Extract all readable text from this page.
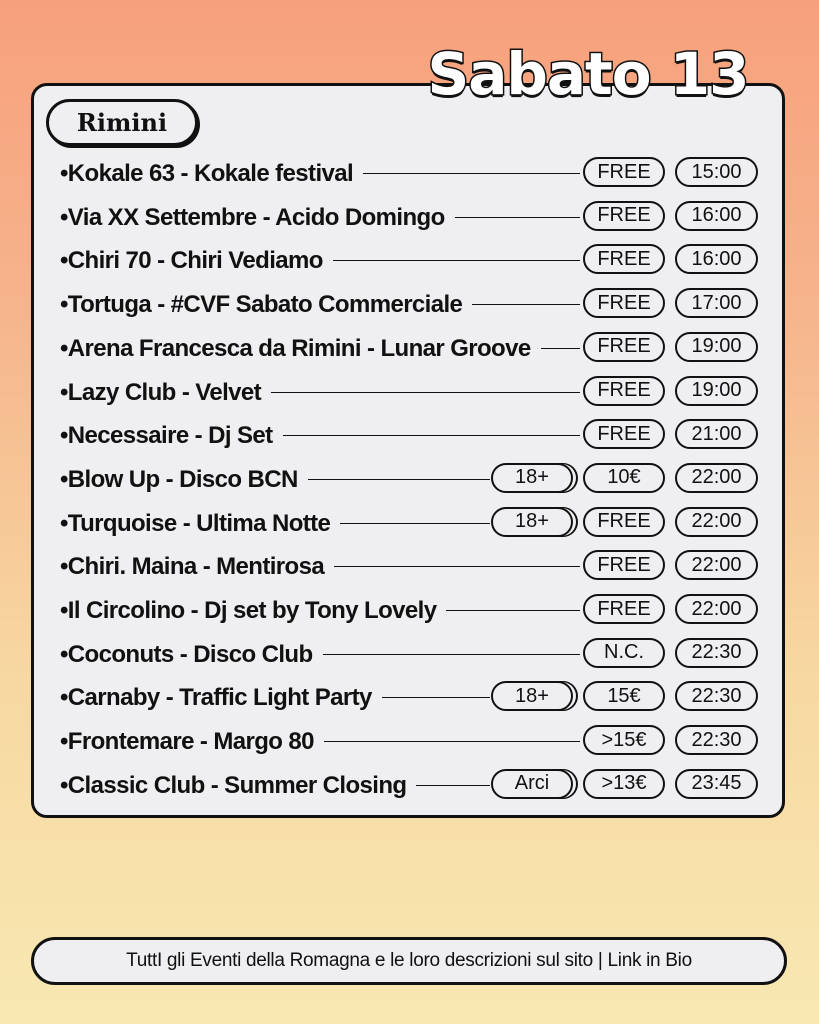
Sabato 13
Rimini
•Kokale 63 - Kokale festival	FREE	15:00
•Via XX Settembre - Acido Domingo	FREE	16:00
•Chiri 70 - Chiri Vediamo	FREE	16:00
•Tortuga - #CVF Sabato Commerciale	FREE	17:00
•Arena Francesca da Rimini - Lunar Groove	FREE	19:00
•Lazy Club - Velvet	FREE	19:00
•Necessaire - Dj Set	FREE	21:00
•Blow Up - Disco BCN	18+	10€	22:00
•Turquoise - Ultima Notte	18+	FREE	22:00
•Chiri. Maina - Mentirosa	FREE	22:00
•Il Circolino - Dj set by Tony Lovely	FREE	22:00
•Coconuts - Disco Club	N.C.	22:30
•Carnaby - Traffic Light Party	18+	15€	22:30
•Frontemare - Margo 80	>15€	22:30
•Classic Club - Summer Closing	Arci	>13€	23:45
TuttI gli Eventi della Romagna e le loro descrizioni sul sito | Link in Bio
